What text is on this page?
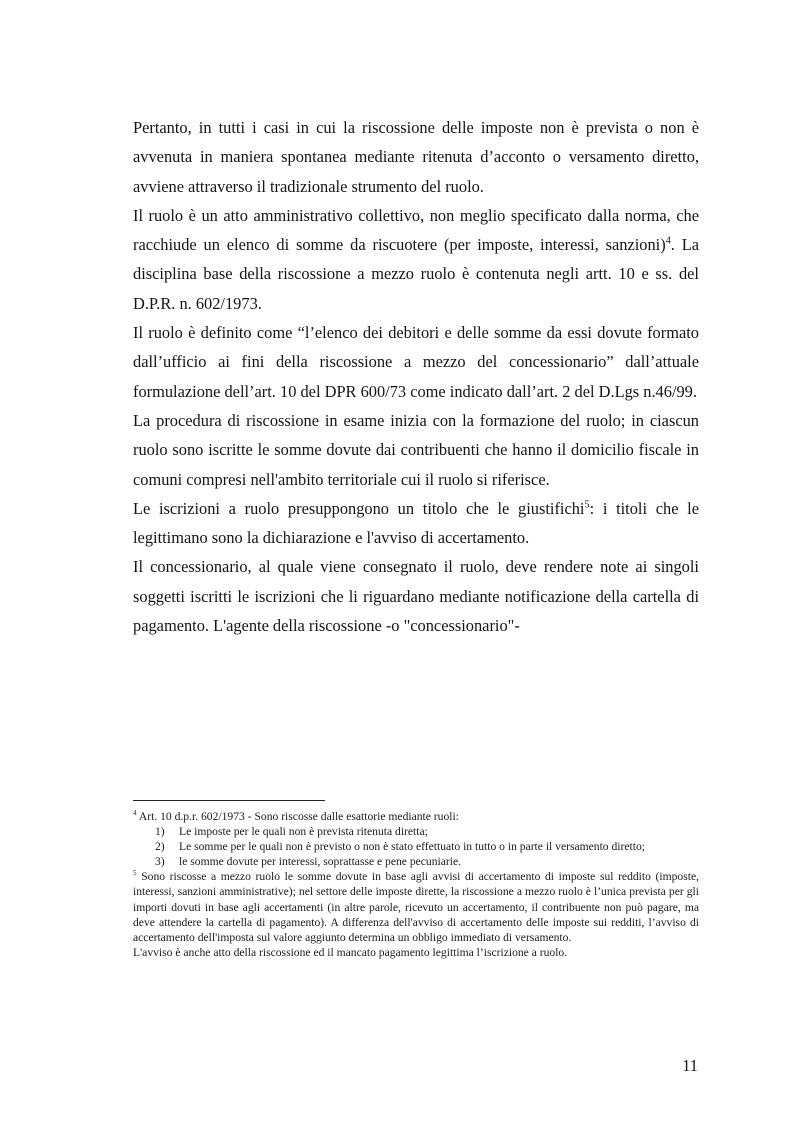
Pertanto, in tutti i casi in cui la riscossione delle imposte non è prevista o non è avvenuta in maniera spontanea mediante ritenuta d’acconto o versamento diretto, avviene attraverso il tradizionale strumento del ruolo.

Il ruolo è un atto amministrativo collettivo, non meglio specificato dalla norma, che racchiude un elenco di somme da riscuotere (per imposte, interessi, sanzioni)$^4$. La disciplina base della riscossione a mezzo ruolo è contenuta negli artt. 10 e ss. del D.P.R. n. 602/1973.

Il ruolo è definito come “l’elenco dei debitori e delle somme da essi dovute formato dall’ufficio ai fini della riscossione a mezzo del concessionario” dall’attuale formulazione dell’art. 10 del DPR 600/73 come indicato dall’art. 2 del D.Lgs n.46/99.

La procedura di riscossione in esame inizia con la formazione del ruolo; in ciascun ruolo sono iscritte le somme dovute dai contribuenti che hanno il domicilio fiscale in comuni compresi nell'ambito territoriale cui il ruolo si riferisce.

Le iscrizioni a ruolo presuppongono un titolo che le giustifichi$^5$: i titoli che le legittimano sono la dichiarazione e l'avviso di accertamento.

Il concessionario, al quale viene consegnato il ruolo, deve rendere note ai singoli soggetti iscritti le iscrizioni che li riguardano mediante notificazione della cartella di pagamento. L'agente della riscossione -o "concessionario"-

$^4$ Art. 10 d.p.r. 602/1973 - Sono riscosse dalle esattorie mediante ruoli:

1) Le imposte per le quali non è prevista ritenuta diretta;
2) Le somme per le quali non è previsto o non è stato effettuato in tutto o in parte il versamento diretto;
3) le somme dovute per interessi, soprattasse e pene pecuniarie.

$^5$ Sono riscosse a mezzo ruolo le somme dovute in base agli avvisi di accertamento di imposte sul reddito (imposte, interessi, sanzioni amministrative); nel settore delle imposte dirette, la riscossione a mezzo ruolo è l’unica prevista per gli importi dovuti in base agli accertamenti (in altre parole, ricevuto un accertamento, il contribuente non può pagare, ma deve attendere la cartella di pagamento). A differenza dell'avviso di accertamento delle imposte sui redditi, l’avviso di accertamento dell'imposta sul valore aggiunto determina un obbligo immediato di versamento.

L'avviso è anche atto della riscossione ed il mancato pagamento legittima l’iscrizione a ruolo.

11
